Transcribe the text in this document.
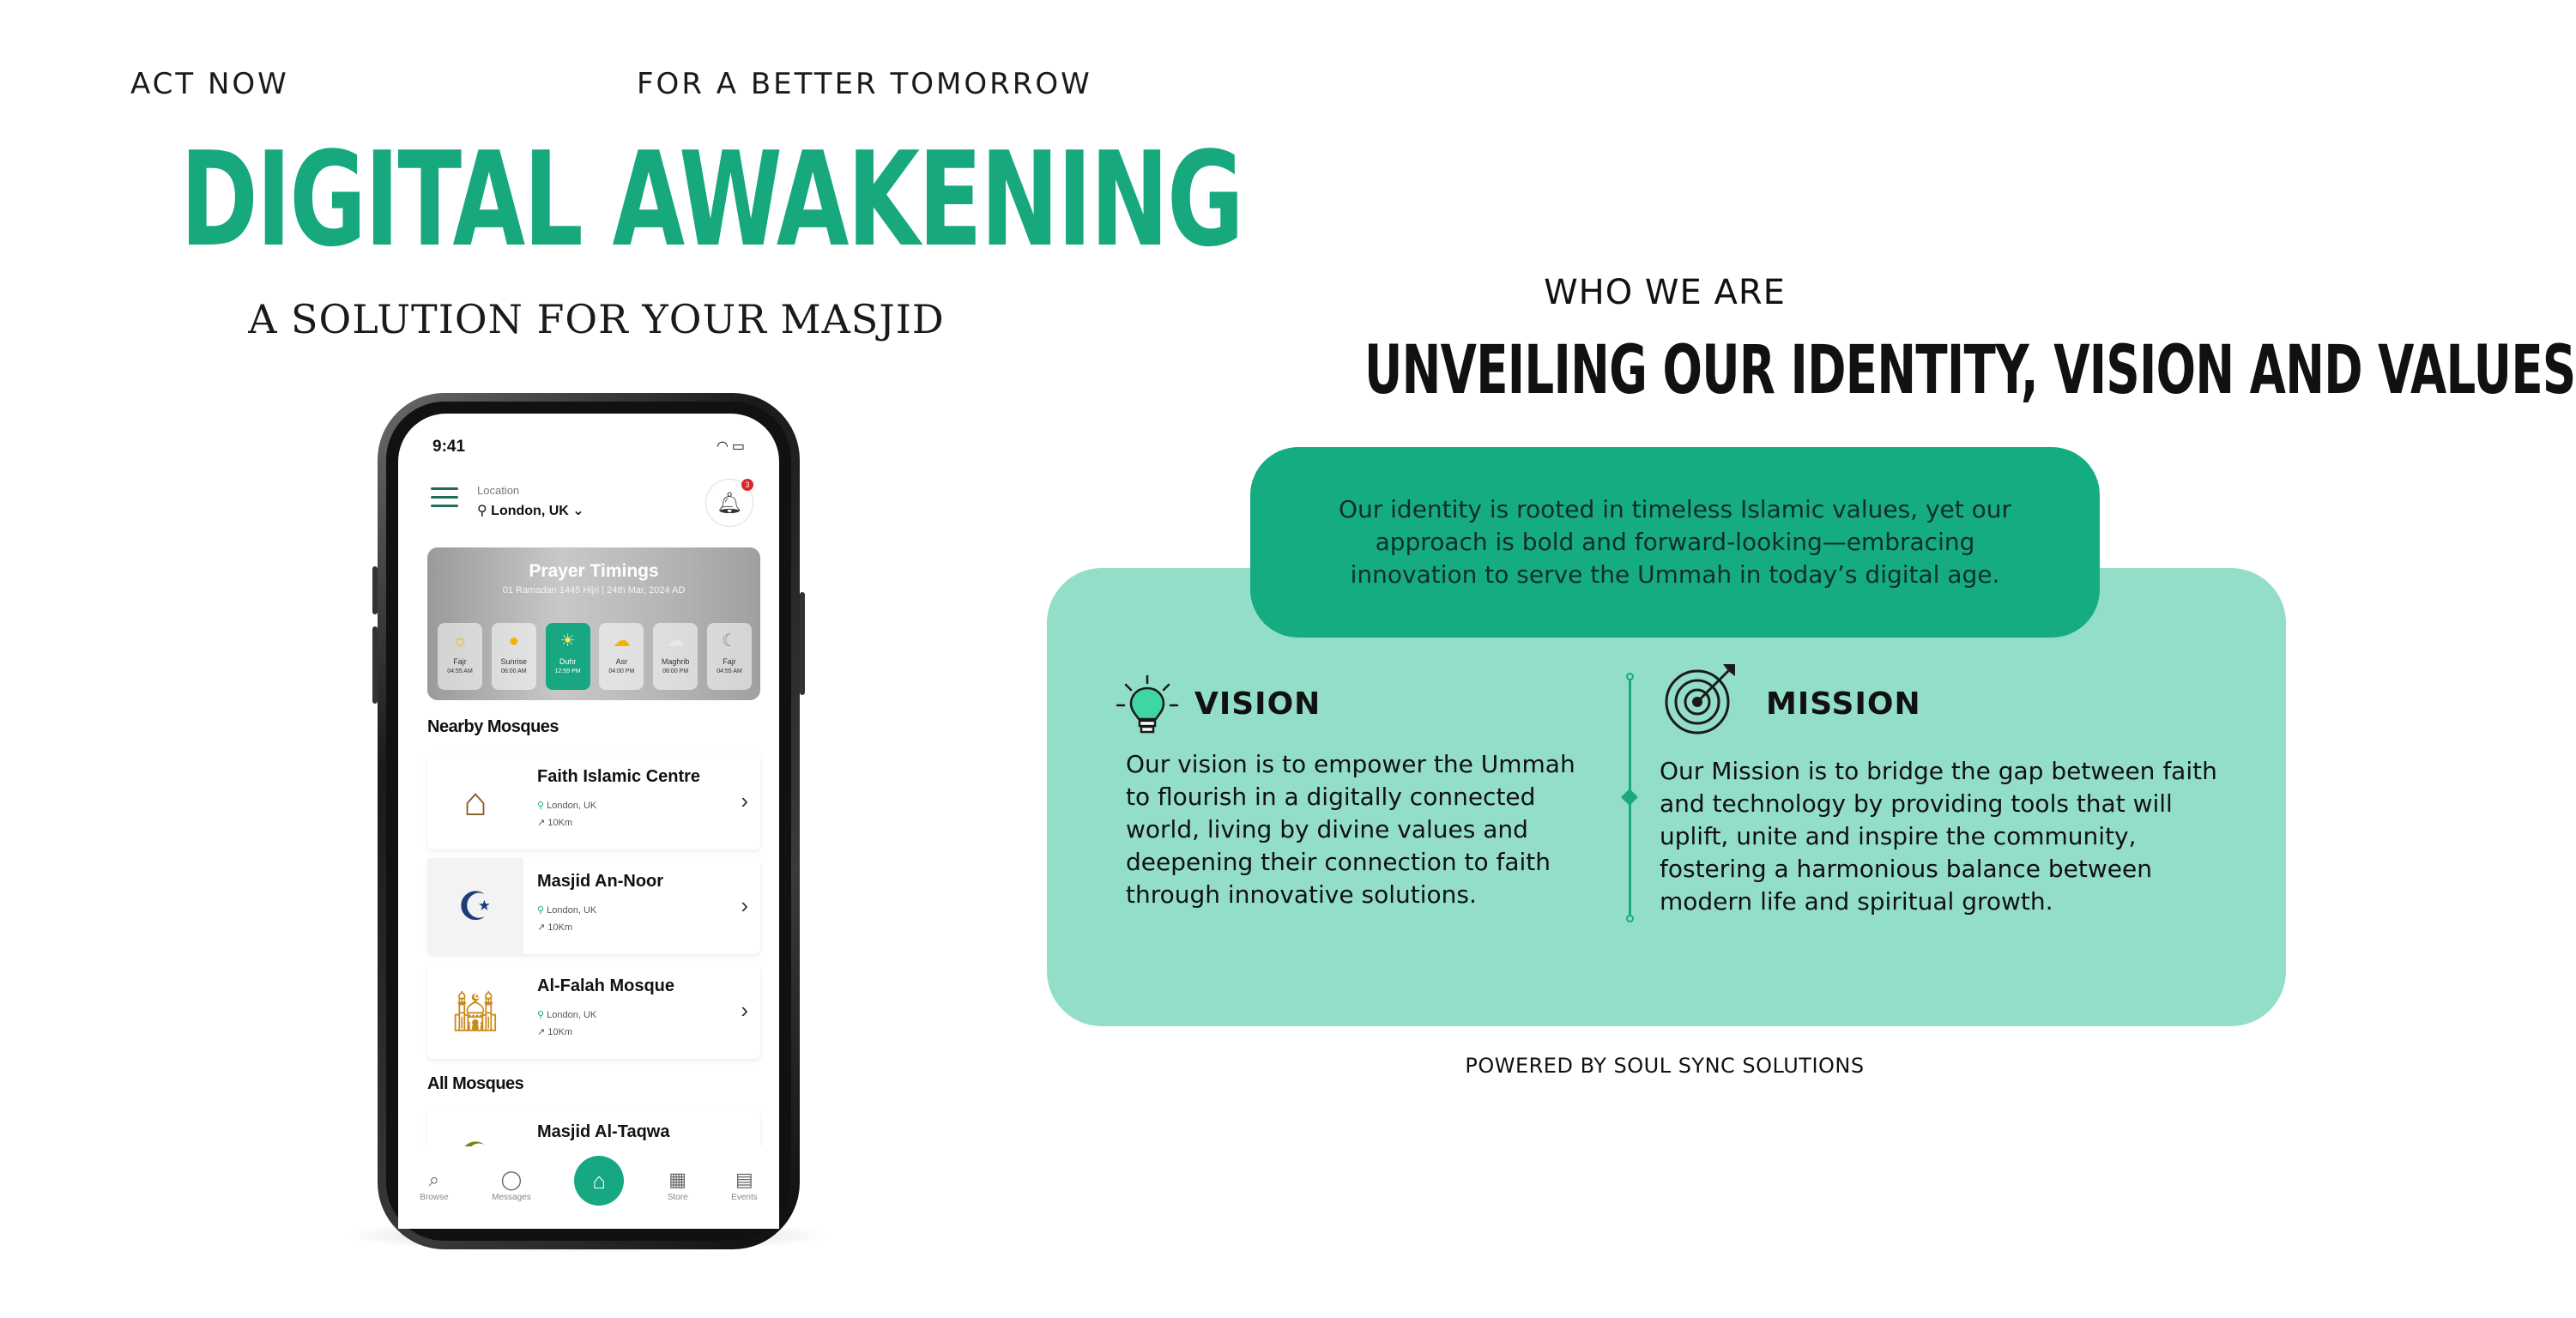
ACT NOW	FOR A BETTER TOMORROW
DIGITAL AWAKENING
A SOLUTION FOR YOUR MASJID
9:41	◠▭
Location
⚲ London, UK ⌄	🔔︎
3
Prayer Timings
01 Ramadan 1445 Hijri | 24th Mar, 2024 AD
☼
Fajr
04:55 AM
●
Sunrise
06:00 AM
☀
Duhr
12:59 PM
☁
Asr
04:00 PM
☁
Maghrib
06:00 PM
☾
Fajr
04:55 AM
Nearby Mosques
⌂
Faith Islamic Centre
⚲ London, UK
↗ 10Km
›
☪
Masjid An-Noor
⚲ London, UK
↗ 10Km
›
🕌︎
Al-Falah Mosque
⚲ London, UK
↗ 10Km
›
All Mosques
Masjid Al-Taqwa
⌕
Browse
◯
Messages
⌂	▦
Store
▤
Events
WHO WE ARE
UNVEILING OUR IDENTITY, VISION AND VALUES
Our identity is rooted in timeless Islamic values, yet our approach is bold and forward-looking—embracing innovation to serve the Ummah in today’s digital age.
VISION
Our vision is to empower the Ummah to flourish in a digitally connected world, living by divine values and deepening their connection to faith through innovative solutions.
MISSION
Our Mission is to bridge the gap between faith and technology by providing tools that will uplift, unite and inspire the community, fostering a harmonious balance between modern life and spiritual growth.
POWERED BY SOUL SYNC SOLUTIONS
